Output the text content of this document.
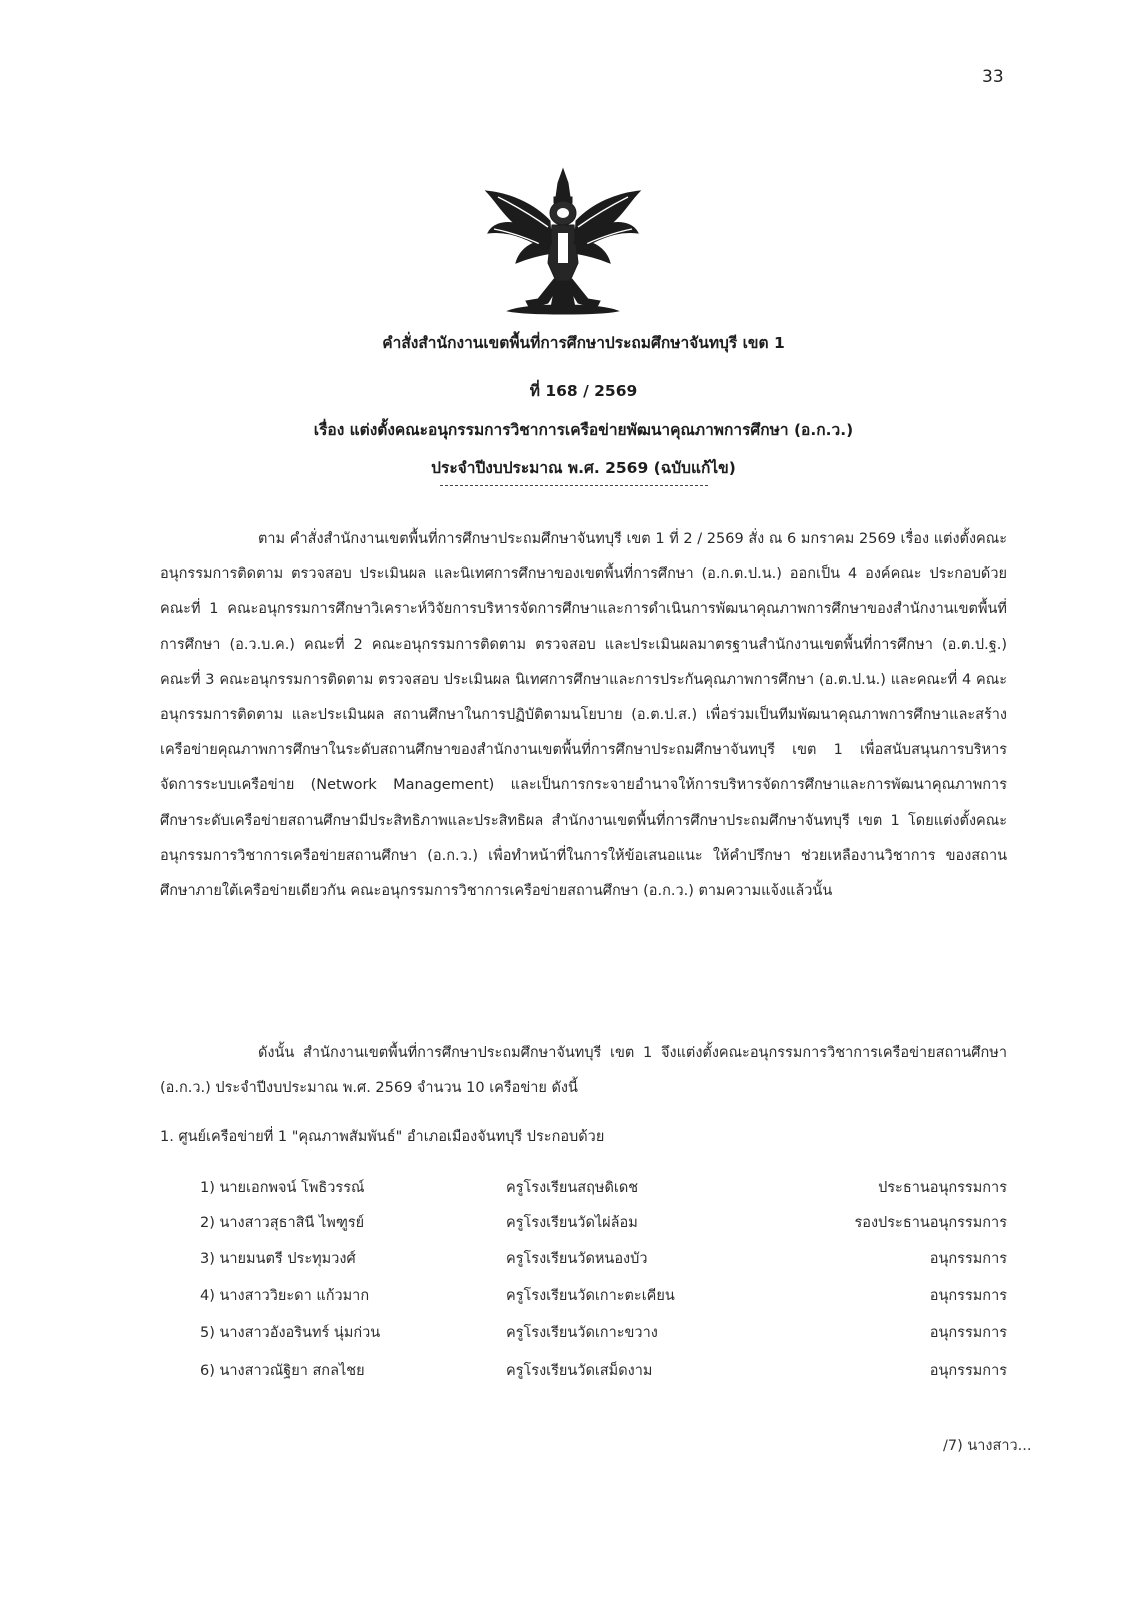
33
คำสั่งสำนักงานเขตพื้นที่การศึกษาประถมศึกษาจันทบุรี เขต 1
ที่ 168 / 2569
เรื่อง แต่งตั้งคณะอนุกรรมการวิชาการเครือข่ายพัฒนาคุณภาพการศึกษา (อ.ก.ว.)
ประจำปีงบประมาณ พ.ศ. 2569 (ฉบับแก้ไข)
ตาม คำสั่งสำนักงานเขตพื้นที่การศึกษาประถมศึกษาจันทบุรี เขต 1 ที่ 2 / 2569 สั่ง ณ 6 มกราคม 2569 เรื่อง แต่งตั้งคณะอนุกรรมการติดตาม ตรวจสอบ ประเมินผล และนิเทศการศึกษาของเขตพื้นที่การศึกษา (อ.ก.ต.ป.น.) ออกเป็น 4 องค์คณะ ประกอบด้วย คณะที่ 1 คณะอนุกรรมการศึกษาวิเคราะห์วิจัยการบริหารจัดการศึกษาและการดำเนินการพัฒนาคุณภาพการศึกษาของสำนักงานเขตพื้นที่การศึกษา (อ.ว.บ.ค.) คณะที่ 2 คณะอนุกรรมการติดตาม ตรวจสอบ และประเมินผลมาตรฐานสำนักงานเขตพื้นที่การศึกษา (อ.ต.ป.ฐ.) คณะที่ 3 คณะอนุกรรมการติดตาม ตรวจสอบ ประเมินผล นิเทศการศึกษาและการประกันคุณภาพการศึกษา (อ.ต.ป.น.) และคณะที่ 4 คณะอนุกรรมการติดตาม และประเมินผล สถานศึกษาในการปฏิบัติตามนโยบาย (อ.ต.ป.ส.) เพื่อร่วมเป็นทีมพัฒนาคุณภาพการศึกษาและสร้างเครือข่ายคุณภาพการศึกษาในระดับสถานศึกษาของสำนักงานเขตพื้นที่การศึกษาประถมศึกษาจันทบุรี เขต 1 เพื่อสนับสนุนการบริหารจัดการระบบเครือข่าย (Network Management) และเป็นการกระจายอำนาจให้การบริหารจัดการศึกษาและการพัฒนาคุณภาพการศึกษาระดับเครือข่ายสถานศึกษามีประสิทธิภาพและประสิทธิผล สำนักงานเขตพื้นที่การศึกษาประถมศึกษาจันทบุรี เขต 1 โดยแต่งตั้งคณะอนุกรรมการวิชาการเครือข่ายสถานศึกษา (อ.ก.ว.) เพื่อทำหน้าที่ในการให้ข้อเสนอแนะ ให้คำปรึกษา ช่วยเหลืองานวิชาการ ของสถานศึกษาภายใต้เครือข่ายเดียวกัน คณะอนุกรรมการวิชาการเครือข่ายสถานศึกษา (อ.ก.ว.) ตามความแจ้งแล้วนั้น
ดังนั้น สำนักงานเขตพื้นที่การศึกษาประถมศึกษาจันทบุรี เขต 1 จึงแต่งตั้งคณะอนุกรรมการวิชาการเครือข่ายสถานศึกษา (อ.ก.ว.) ประจำปีงบประมาณ พ.ศ. 2569 จำนวน 10 เครือข่าย ดังนี้
1. ศูนย์เครือข่ายที่ 1 "คุณภาพสัมพันธ์" อำเภอเมืองจันทบุรี ประกอบด้วย
1) นายเอกพจน์ โพธิวรรณ์	ครูโรงเรียนสฤษดิเดช	ประธานอนุกรรมการ
2) นางสาวสุธาสินี ไพฑูรย์	ครูโรงเรียนวัดไผ่ล้อม	รองประธานอนุกรรมการ
3) นายมนตรี ประทุมวงศ์	ครูโรงเรียนวัดหนองบัว	อนุกรรมการ
4) นางสาววิยะดา แก้วมาก	ครูโรงเรียนวัดเกาะตะเคียน	อนุกรรมการ
5) นางสาวอังอรินทร์ นุ่มก่วน	ครูโรงเรียนวัดเกาะขวาง	อนุกรรมการ
6) นางสาวณัฐิยา สกลไชย	ครูโรงเรียนวัดเสม็ดงาม	อนุกรรมการ
/7) นางสาว...
